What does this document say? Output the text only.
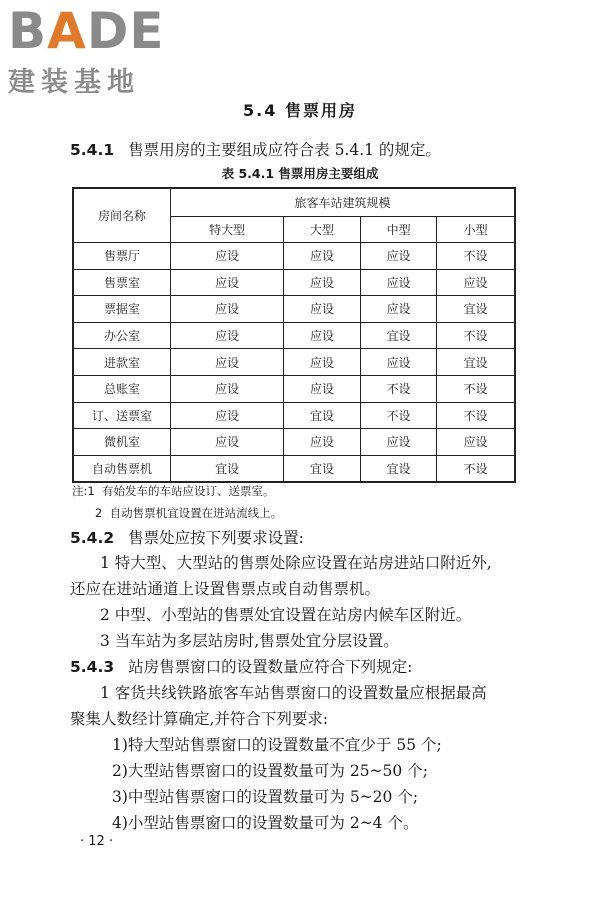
BADE
建装基地
5.4 售票用房
5.4.1 售票用房的主要组成应符合表 5.4.1 的规定。
表 5.4.1 售票用房主要组成
房间名称	旅客车站建筑规模			
	特大型	大型	中型	小型
售票厅	应设	应设	应设	不设
售票室	应设	应设	应设	应设
票据室	应设	应设	应设	宜设
办公室	应设	应设	宜设	不设
进款室	应设	应设	应设	宜设
总账室	应设	应设	不设	不设
订、送票室	应设	宜设	不设	不设
微机室	应设	应设	应设	应设
自动售票机	宜设	宜设	宜设	不设
注:1 有始发车的车站应设订、送票室。
2 自动售票机宜设置在进站流线上。
5.4.2 售票处应按下列要求设置:
1 特大型、大型站的售票处除应设置在站房进站口附近外,
还应在进站通道上设置售票点或自动售票机。
2 中型、小型站的售票处宜设置在站房内候车区附近。
3 当车站为多层站房时,售票处宜分层设置。
5.4.3 站房售票窗口的设置数量应符合下列规定:
1 客货共线铁路旅客车站售票窗口的设置数量应根据最高
聚集人数经计算确定,并符合下列要求:
1)特大型站售票窗口的设置数量不宜少于 55 个;
2)大型站售票窗口的设置数量可为 25~50 个;
3)中型站售票窗口的设置数量可为 5~20 个;
4)小型站售票窗口的设置数量可为 2~4 个。
· 12 ·
